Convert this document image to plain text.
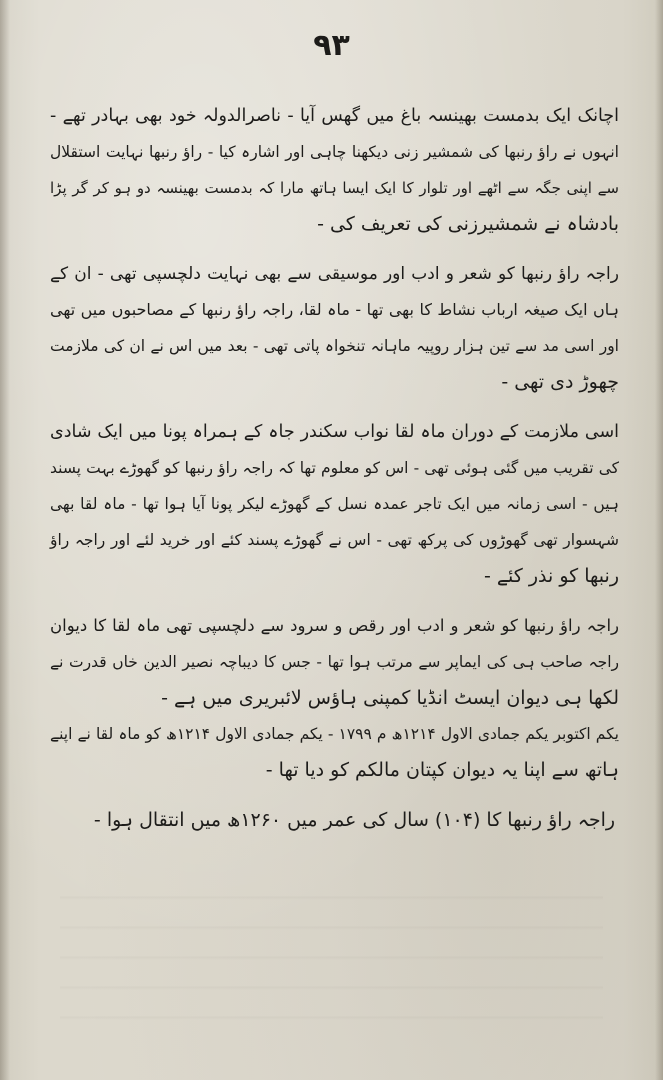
۹۳

اچانک ایک بدمست بھینسہ باغ میں گھس آیا - ناصرالدولہ خود بھی بہادر تھے -
انہوں نے راؤ رنبھا کی شمشیر زنی دیکھنا چاہی اور اشارہ کیا - راؤ رنبھا نہایت استقلال
سے اپنی جگہ سے اٹھے اور تلوار کا ایک ایسا ہاتھ مارا کہ بدمست بھینسہ دو ہو کر گر پڑا
بادشاہ نے شمشیرزنی کی تعریف کی -

راجہ راؤ رنبھا کو شعر و ادب اور موسیقی سے بھی نہایت دلچسپی تھی - ان کے
ہاں ایک صیغہ ارباب نشاط کا بھی تھا - ماہ لقا، راجہ راؤ رنبھا کے مصاحبوں میں تھی
اور اسی مد سے تین ہزار روپیہ ماہانہ تنخواہ پاتی تھی - بعد میں اس نے ان کی ملازمت
چھوڑ دی تھی -

اسی ملازمت کے دوران ماہ لقا نواب سکندر جاہ کے ہمراہ پونا میں ایک شادی
کی تقریب میں گئی ہوئی تھی - اس کو معلوم تھا کہ راجہ راؤ رنبھا کو گھوڑے بہت پسند
ہیں - اسی زمانہ میں ایک تاجر عمدہ نسل کے گھوڑے لیکر پونا آیا ہوا تھا - ماہ لقا بھی
شہسوار تھی گھوڑوں کی پرکھ تھی - اس نے گھوڑے پسند کئے اور خرید لئے اور راجہ راؤ
رنبھا کو نذر کئے -

راجہ راؤ رنبھا کو شعر و ادب اور رقص و سرود سے دلچسپی تھی ماہ لقا کا دیوان
راجہ صاحب ہی کی ایماپر سے مرتب ہوا تھا - جس کا دیباچہ نصیر الدین خاں قدرت نے
لکھا ہی دیوان ایسٹ انڈیا کمپنی ہاؤس لائبریری میں ہے -
یکم اکتوبر یکم جمادی الاول ۱۲۱۴ھ م ۱۷۹۹ - یکم جمادی الاول ۱۲۱۴ھ کو ماہ لقا نے اپنے
ہاتھ سے اپنا یہ دیوان کپتان مالکم کو دیا تھا -

راجہ راؤ رنبھا کا (۱۰۴) سال کی عمر میں ۱۲۶۰ھ میں انتقال ہوا -
